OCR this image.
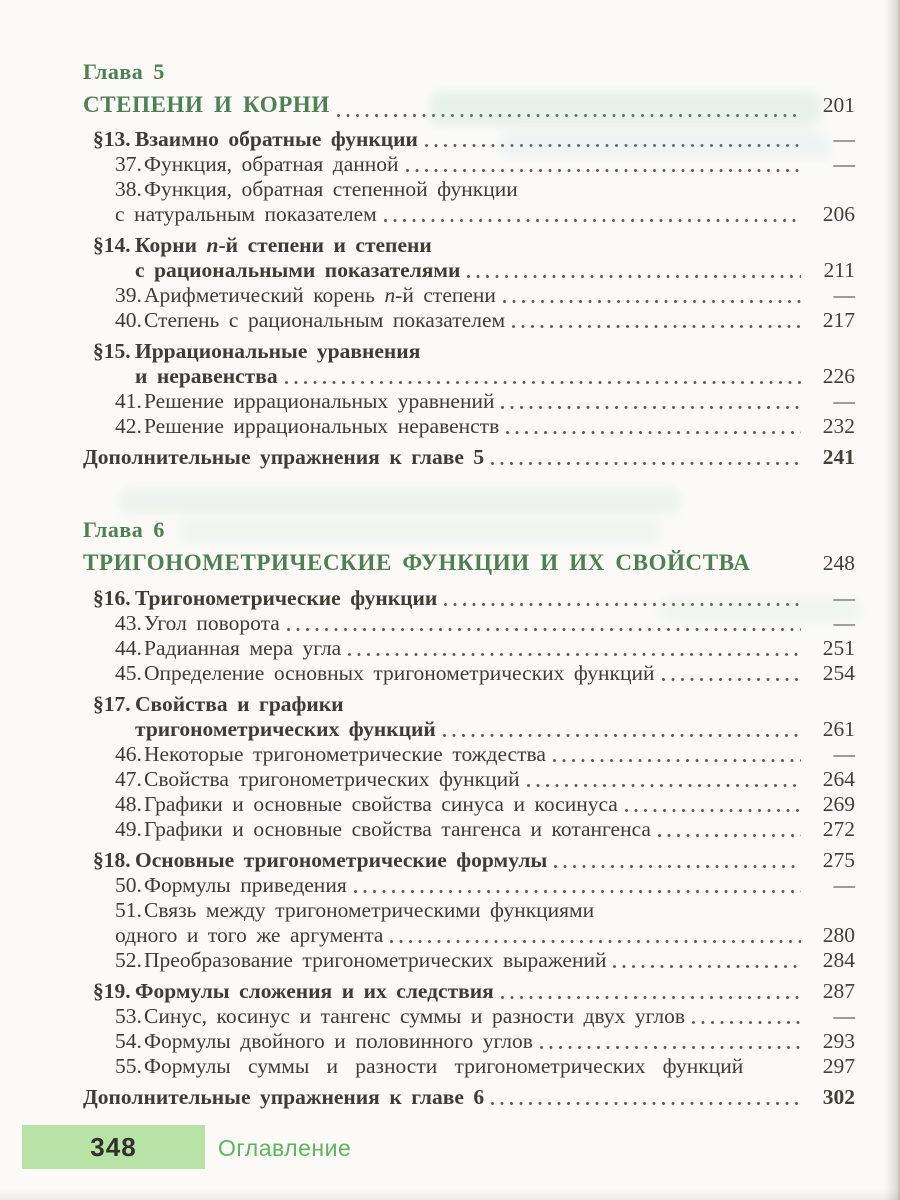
Глава 5
СТЕПЕНИ И КОРНИ	201
§13. Взаимно обратные функции	—
37. Функция, обратная данной	—
38. Функция, обратная степенной функции
с натуральным показателем	206
§14. Корни n-й степени и степени
с рациональными показателями	211
39. Арифметический корень n-й степени	—
40. Степень с рациональным показателем	217
§15. Иррациональные уравнения
и неравенства	226
41. Решение иррациональных уравнений	—
42. Решение иррациональных неравенств	232
Дополнительные упражнения к главе 5	241
Глава 6
ТРИГОНОМЕТРИЧЕСКИЕ ФУНКЦИИ И ИХ СВОЙСТВА	248
§16. Тригонометрические функции	—
43. Угол поворота	—
44. Радианная мера угла	251
45. Определение основных тригонометрических функций	254
§17. Свойства и графики
тригонометрических функций	261
46. Некоторые тригонометрические тождества	—
47. Свойства тригонометрических функций	264
48. Графики и основные свойства синуса и косинуса	269
49. Графики и основные свойства тангенса и котангенса	272
§18. Основные тригонометрические формулы	275
50. Формулы приведения	—
51. Связь между тригонометрическими функциями
одного и того же аргумента	280
52. Преобразование тригонометрических выражений	284
§19. Формулы сложения и их следствия	287
53. Синус, косинус и тангенс суммы и разности двух углов	—
54. Формулы двойного и половинного углов	293
55. Формулы суммы и разности тригонометрических функций	297
Дополнительные упражнения к главе 6	302
348	Оглавление
